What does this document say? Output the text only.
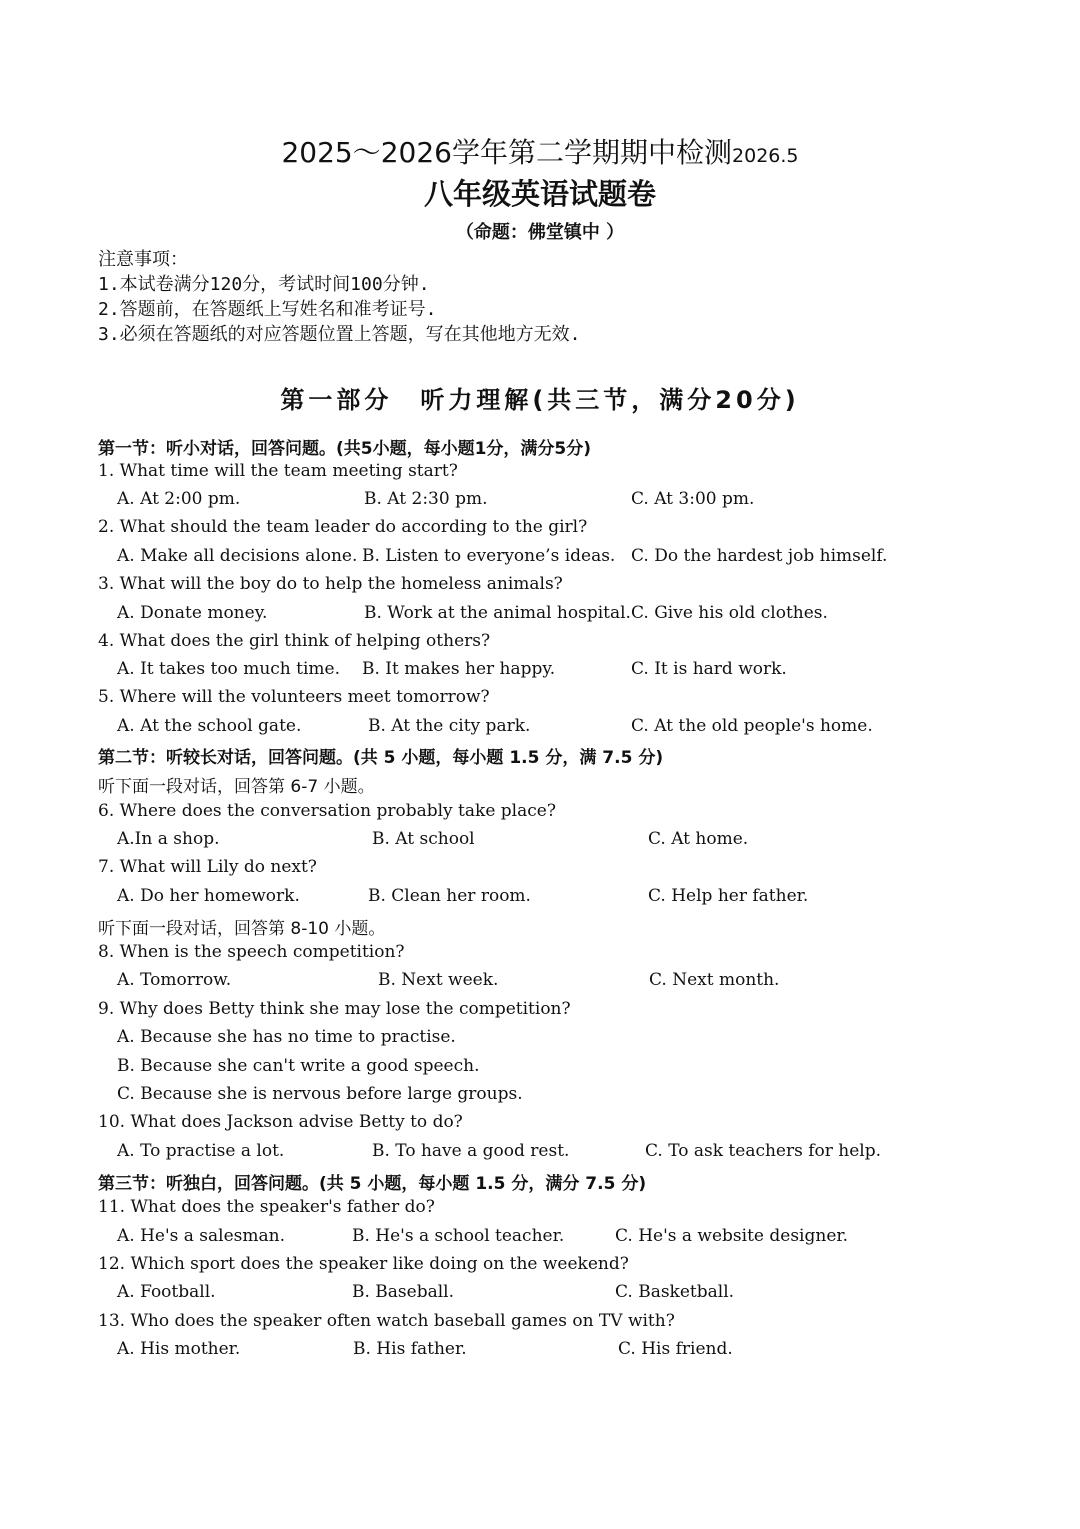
2025～2026学年第二学期期中检测2026.5
八年级英语试题卷
（命题：佛堂镇中 ）
注意事项：
1.本试卷满分120分，考试时间100分钟.
2.答题前，在答题纸上写姓名和准考证号.
3.必须在答题纸的对应答题位置上答题，写在其他地方无效.
第一部分　听力理解(共三节，满分20分)
第一节：听小对话，回答问题。(共5小题，每小题1分，满分5分)
1. What time will the team meeting start?
A. At 2:00 pm.	B. At 2:30 pm.	C. At 3:00 pm.
2. What should the team leader do according to the girl?
A. Make all decisions alone. B. Listen to everyone’s ideas. C. Do the hardest job himself.
3. What will the boy do to help the homeless animals?
A. Donate money.	B. Work at the animal hospital. C. Give his old clothes.
4. What does the girl think of helping others?
A. It takes too much time. B. It makes her happy.	C. It is hard work.
5. Where will the volunteers meet tomorrow?
A. At the school gate.	B. At the city park.	C. At the old people's home.
第二节：听较长对话，回答问题。(共 5 小题，每小题 1.5 分，满 7.5 分)
听下面一段对话，回答第 6-7 小题。
6. Where does the conversation probably take place?
A.In a shop.	B. At school	C. At home.
7. What will Lily do next?
A. Do her homework.	B. Clean her room.	C. Help her father.
听下面一段对话，回答第 8-10 小题。
8. When is the speech competition?
A. Tomorrow.	B. Next week.	C. Next month.
9. Why does Betty think she may lose the competition?
A. Because she has no time to practise.
B. Because she can't write a good speech.
C. Because she is nervous before large groups.
10. What does Jackson advise Betty to do?
A. To practise a lot.	B. To have a good rest.	C. To ask teachers for help.
第三节：听独白，回答问题。(共 5 小题，每小题 1.5 分，满分 7.5 分)
11. What does the speaker's father do?
A. He's a salesman.	B. He's a school teacher.	C. He's a website designer.
12. Which sport does the speaker like doing on the weekend?
A. Football.	B. Baseball.	C. Basketball.
13. Who does the speaker often watch baseball games on TV with?
A. His mother.	B. His father.	C. His friend.
